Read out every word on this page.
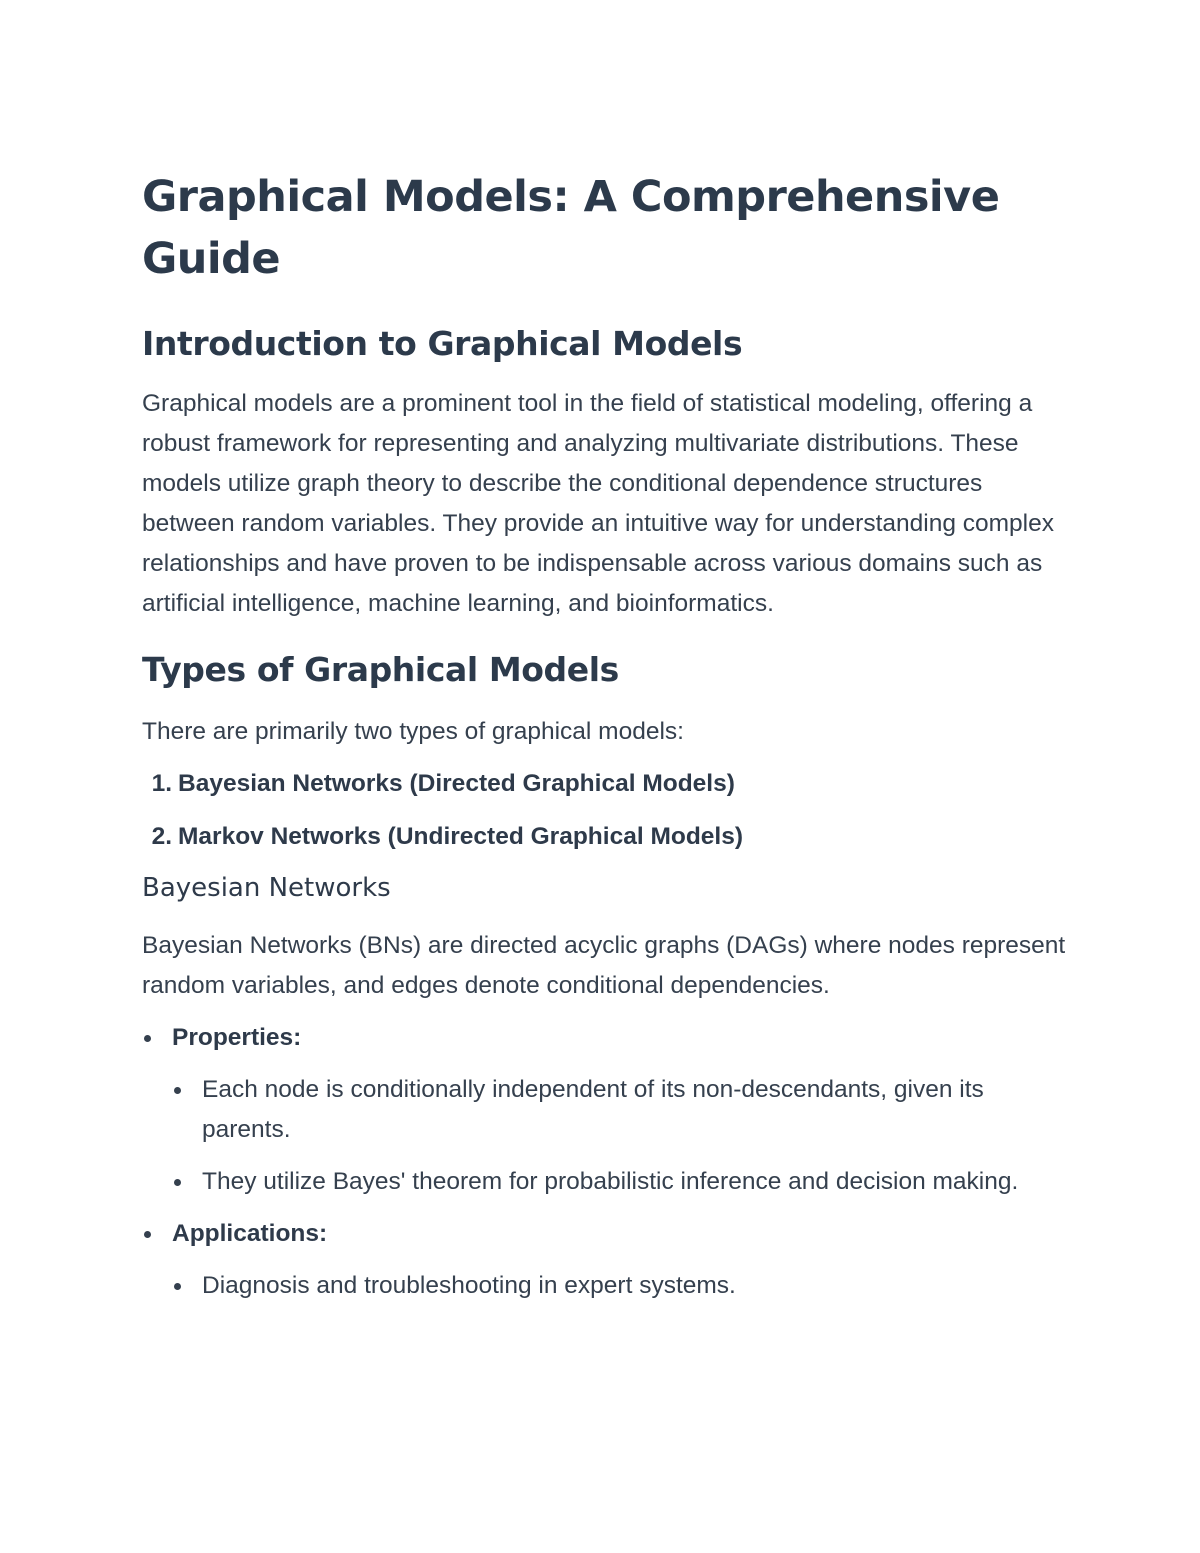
Graphical Models: A Comprehensive Guide
Introduction to Graphical Models

Graphical models are a prominent tool in the field of statistical modeling, offering a robust framework for representing and analyzing multivariate distributions. These models utilize graph theory to describe the conditional dependence structures between random variables. They provide an intuitive way for understanding complex relationships and have proven to be indispensable across various domains such as artificial intelligence, machine learning, and bioinformatics.

Types of Graphical Models

There are primarily two types of graphical models:

1. Bayesian Networks (Directed Graphical Models)
2. Markov Networks (Undirected Graphical Models)
Bayesian Networks

Bayesian Networks (BNs) are directed acyclic graphs (DAGs) where nodes represent random variables, and edges denote conditional dependencies.

Properties:
Each node is conditionally independent of its non-descendants, given its parents.
They utilize Bayes' theorem for probabilistic inference and decision making.
Applications:
Diagnosis and troubleshooting in expert systems.
